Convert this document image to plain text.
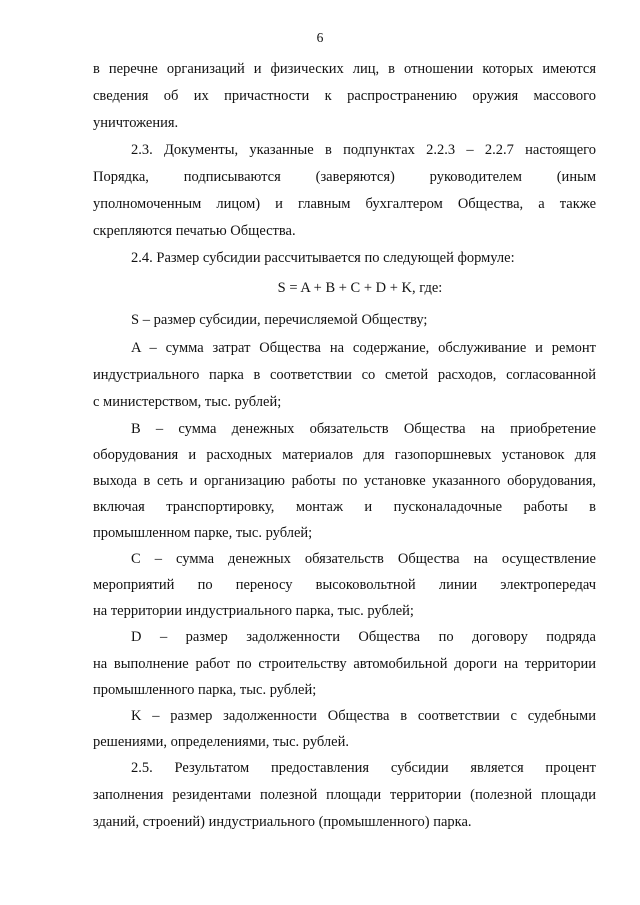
6
в перечне организаций и физических лиц, в отношении которых имеются
сведения об их причастности к распространению оружия массового
уничтожения.
2.3. Документы, указанные в подпунктах 2.2.3 – 2.2.7 настоящего
Порядка, подписываются (заверяются) руководителем (иным
уполномоченным лицом) и главным бухгалтером Общества, а также
скрепляются печатью Общества.
2.4. Размер субсидии рассчитывается по следующей формуле:
S = A + B + C + D + K, где:
S – размер субсидии, перечисляемой Обществу;
A – сумма затрат Общества на содержание, обслуживание и ремонт
индустриального парка в соответствии со сметой расходов, согласованной
с министерством, тыс. рублей;
B – сумма денежных обязательств Общества на приобретение
оборудования и расходных материалов для газопоршневых установок для
выхода в сеть и организацию работы по установке указанного оборудования,
включая транспортировку, монтаж и пусконаладочные работы в
промышленном парке, тыс. рублей;
C – сумма денежных обязательств Общества на осуществление
мероприятий по переносу высоковольтной линии электропередач
на территории индустриального парка, тыс. рублей;
D – размер задолженности Общества по договору подряда
на выполнение работ по строительству автомобильной дороги на территории
промышленного парка, тыс. рублей;
K – размер задолженности Общества в соответствии с судебными
решениями, определениями, тыс. рублей.
2.5. Результатом предоставления субсидии является процент
заполнения резидентами полезной площади территории (полезной площади
зданий, строений) индустриального (промышленного) парка.
